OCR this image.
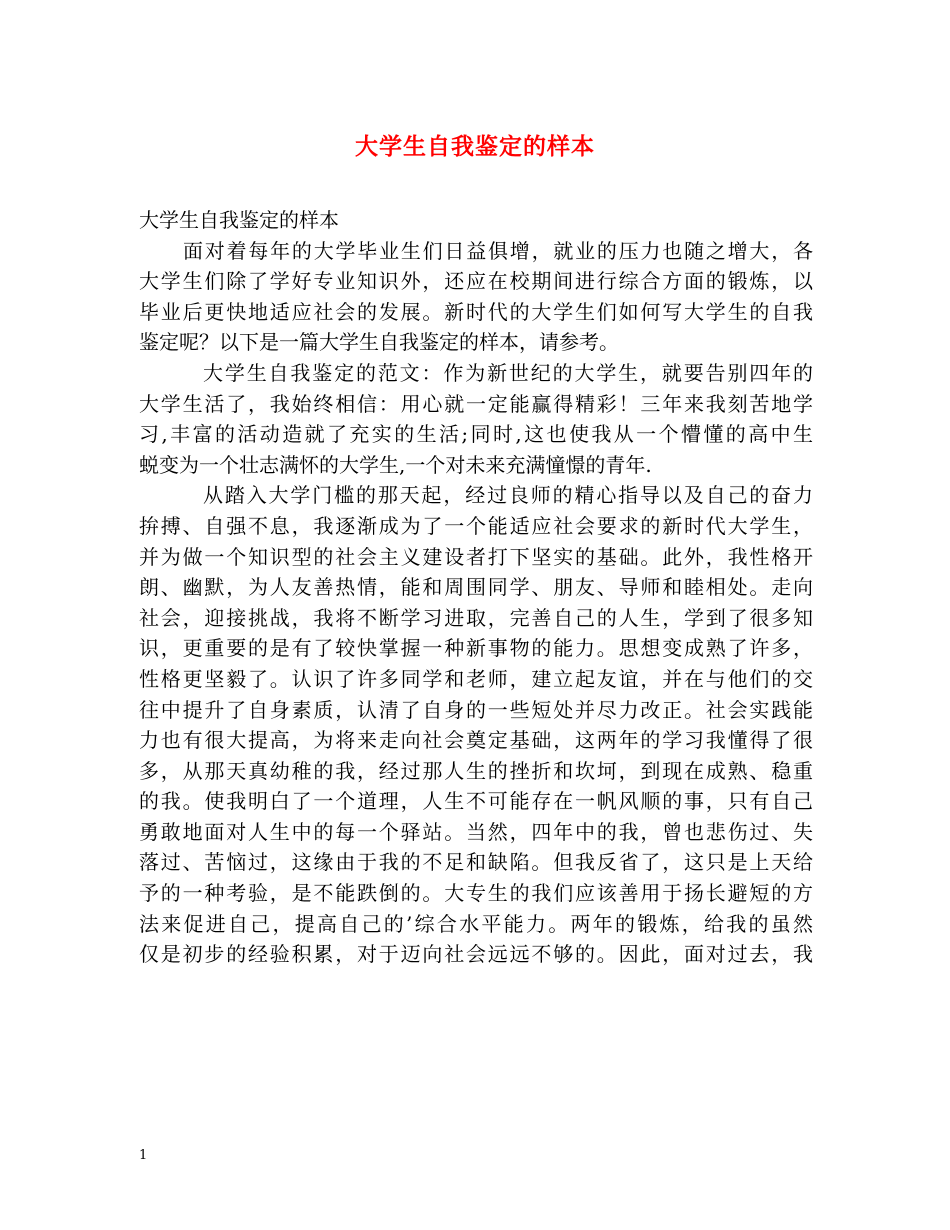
大学生自我鉴定的样本
大学生自我鉴定的样本
面对着每年的大学毕业生们日益俱增，就业的压力也随之增大，各
大学生们除了学好专业知识外，还应在校期间进行综合方面的锻炼，以
毕业后更快地适应社会的发展。新时代的大学生们如何写大学生的自我
鉴定呢？以下是一篇大学生自我鉴定的样本，请参考。
大学生自我鉴定的范文：作为新世纪的大学生，就要告别四年的
大学生活了，我始终相信：用心就一定能赢得精彩！三年来我刻苦地学
习,丰富的活动造就了充实的生活;同时,这也使我从一个懵懂的高中生
蜕变为一个壮志满怀的大学生,一个对未来充满憧憬的青年.
从踏入大学门槛的那天起，经过良师的精心指导以及自己的奋力
拚搏、自强不息，我逐渐成为了一个能适应社会要求的新时代大学生，
并为做一个知识型的社会主义建设者打下坚实的基础。此外，我性格开
朗、幽默，为人友善热情，能和周围同学、朋友、导师和睦相处。走向
社会，迎接挑战，我将不断学习进取，完善自己的人生，学到了很多知
识，更重要的是有了较快掌握一种新事物的能力。思想变成熟了许多，
性格更坚毅了。认识了许多同学和老师，建立起友谊，并在与他们的交
往中提升了自身素质，认清了自身的一些短处并尽力改正。社会实践能
力也有很大提高，为将来走向社会奠定基础，这两年的学习我懂得了很
多，从那天真幼稚的我，经过那人生的挫折和坎坷，到现在成熟、稳重
的我。使我明白了一个道理，人生不可能存在一帆风顺的事，只有自己
勇敢地面对人生中的每一个驿站。当然，四年中的我，曾也悲伤过、失
落过、苦恼过，这缘由于我的不足和缺陷。但我反省了，这只是上天给
予的一种考验，是不能跌倒的。大专生的我们应该善用于扬长避短的方
法来促进自己，提高自己的’综合水平能力。两年的锻炼，给我的虽然
仅是初步的经验积累，对于迈向社会远远不够的。因此，面对过去，我
1
